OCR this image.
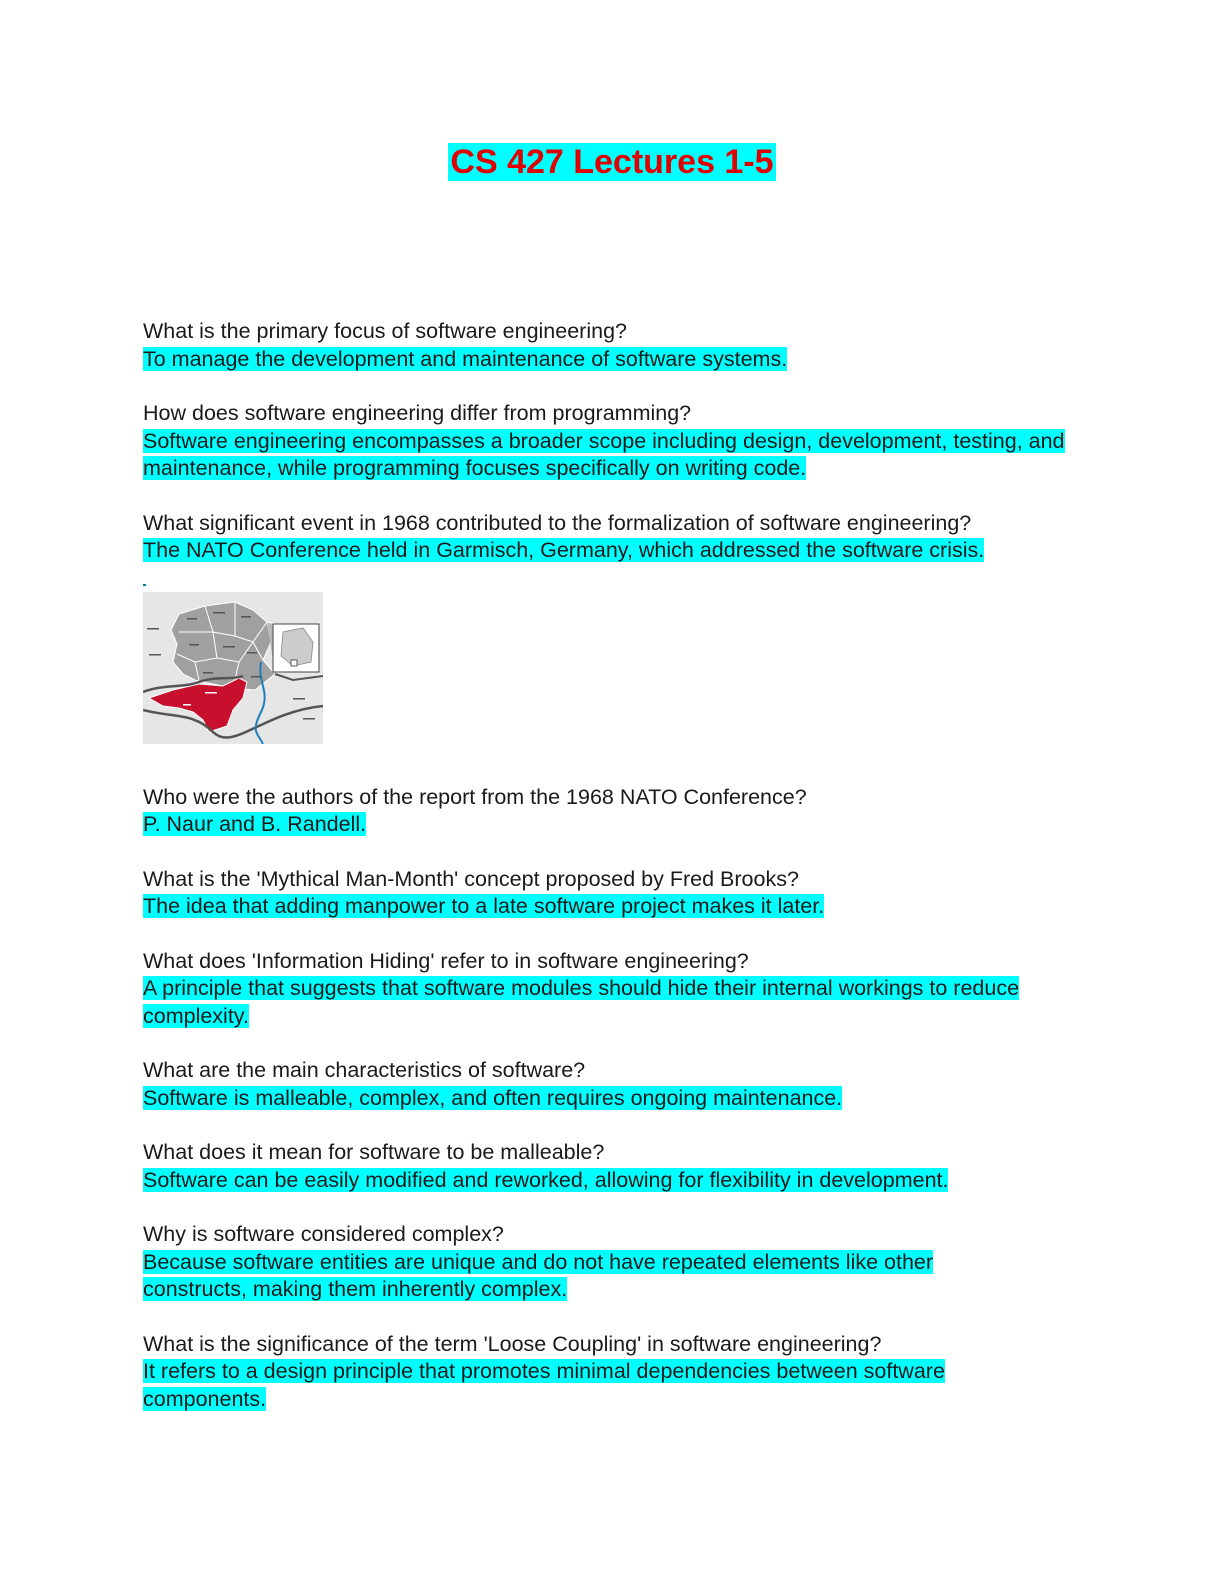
CS 427 Lectures 1-5
What is the primary focus of software engineering?
To manage the development and maintenance of software systems.
How does software engineering differ from programming?
Software engineering encompasses a broader scope including design, development, testing, and maintenance, while programming focuses specifically on writing code.
What significant event in 1968 contributed to the formalization of software engineering?
The NATO Conference held in Garmisch, Germany, which addressed the software crisis.
Who were the authors of the report from the 1968 NATO Conference?
P. Naur and B. Randell.
What is the 'Mythical Man-Month' concept proposed by Fred Brooks?
The idea that adding manpower to a late software project makes it later.
What does 'Information Hiding' refer to in software engineering?
A principle that suggests that software modules should hide their internal workings to reduce complexity.
What are the main characteristics of software?
Software is malleable, complex, and often requires ongoing maintenance.
What does it mean for software to be malleable?
Software can be easily modified and reworked, allowing for flexibility in development.
Why is software considered complex?
Because software entities are unique and do not have repeated elements like other constructs, making them inherently complex.
What is the significance of the term 'Loose Coupling' in software engineering?
It refers to a design principle that promotes minimal dependencies between software components.
